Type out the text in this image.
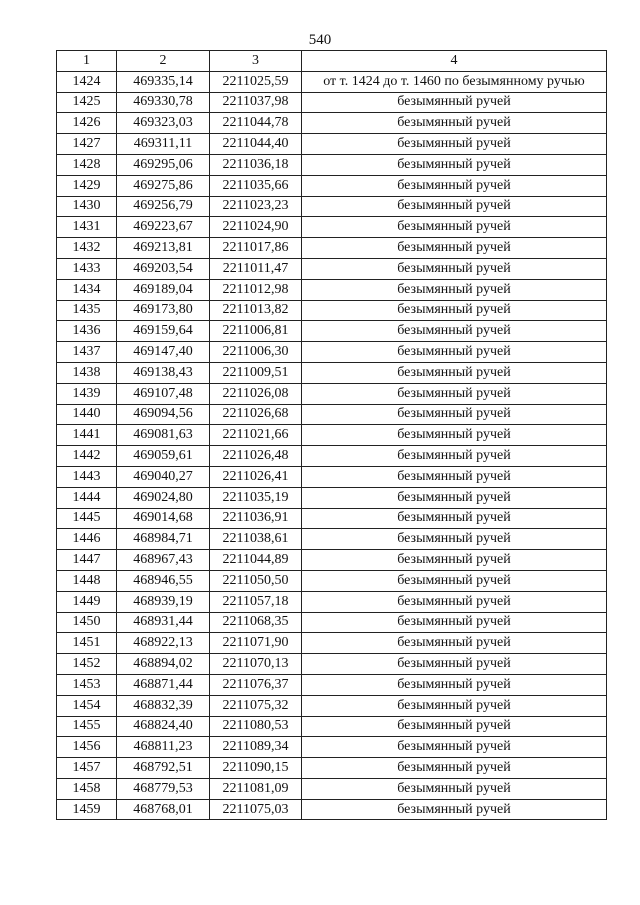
540
1	2	3	4
1424	469335,14	2211025,59	от т. 1424 до т. 1460 по безымянному ручью
1425	469330,78	2211037,98	безымянный ручей
1426	469323,03	2211044,78	безымянный ручей
1427	469311,11	2211044,40	безымянный ручей
1428	469295,06	2211036,18	безымянный ручей
1429	469275,86	2211035,66	безымянный ручей
1430	469256,79	2211023,23	безымянный ручей
1431	469223,67	2211024,90	безымянный ручей
1432	469213,81	2211017,86	безымянный ручей
1433	469203,54	2211011,47	безымянный ручей
1434	469189,04	2211012,98	безымянный ручей
1435	469173,80	2211013,82	безымянный ручей
1436	469159,64	2211006,81	безымянный ручей
1437	469147,40	2211006,30	безымянный ручей
1438	469138,43	2211009,51	безымянный ручей
1439	469107,48	2211026,08	безымянный ручей
1440	469094,56	2211026,68	безымянный ручей
1441	469081,63	2211021,66	безымянный ручей
1442	469059,61	2211026,48	безымянный ручей
1443	469040,27	2211026,41	безымянный ручей
1444	469024,80	2211035,19	безымянный ручей
1445	469014,68	2211036,91	безымянный ручей
1446	468984,71	2211038,61	безымянный ручей
1447	468967,43	2211044,89	безымянный ручей
1448	468946,55	2211050,50	безымянный ручей
1449	468939,19	2211057,18	безымянный ручей
1450	468931,44	2211068,35	безымянный ручей
1451	468922,13	2211071,90	безымянный ручей
1452	468894,02	2211070,13	безымянный ручей
1453	468871,44	2211076,37	безымянный ручей
1454	468832,39	2211075,32	безымянный ручей
1455	468824,40	2211080,53	безымянный ручей
1456	468811,23	2211089,34	безымянный ручей
1457	468792,51	2211090,15	безымянный ручей
1458	468779,53	2211081,09	безымянный ручей
1459	468768,01	2211075,03	безымянный ручей
